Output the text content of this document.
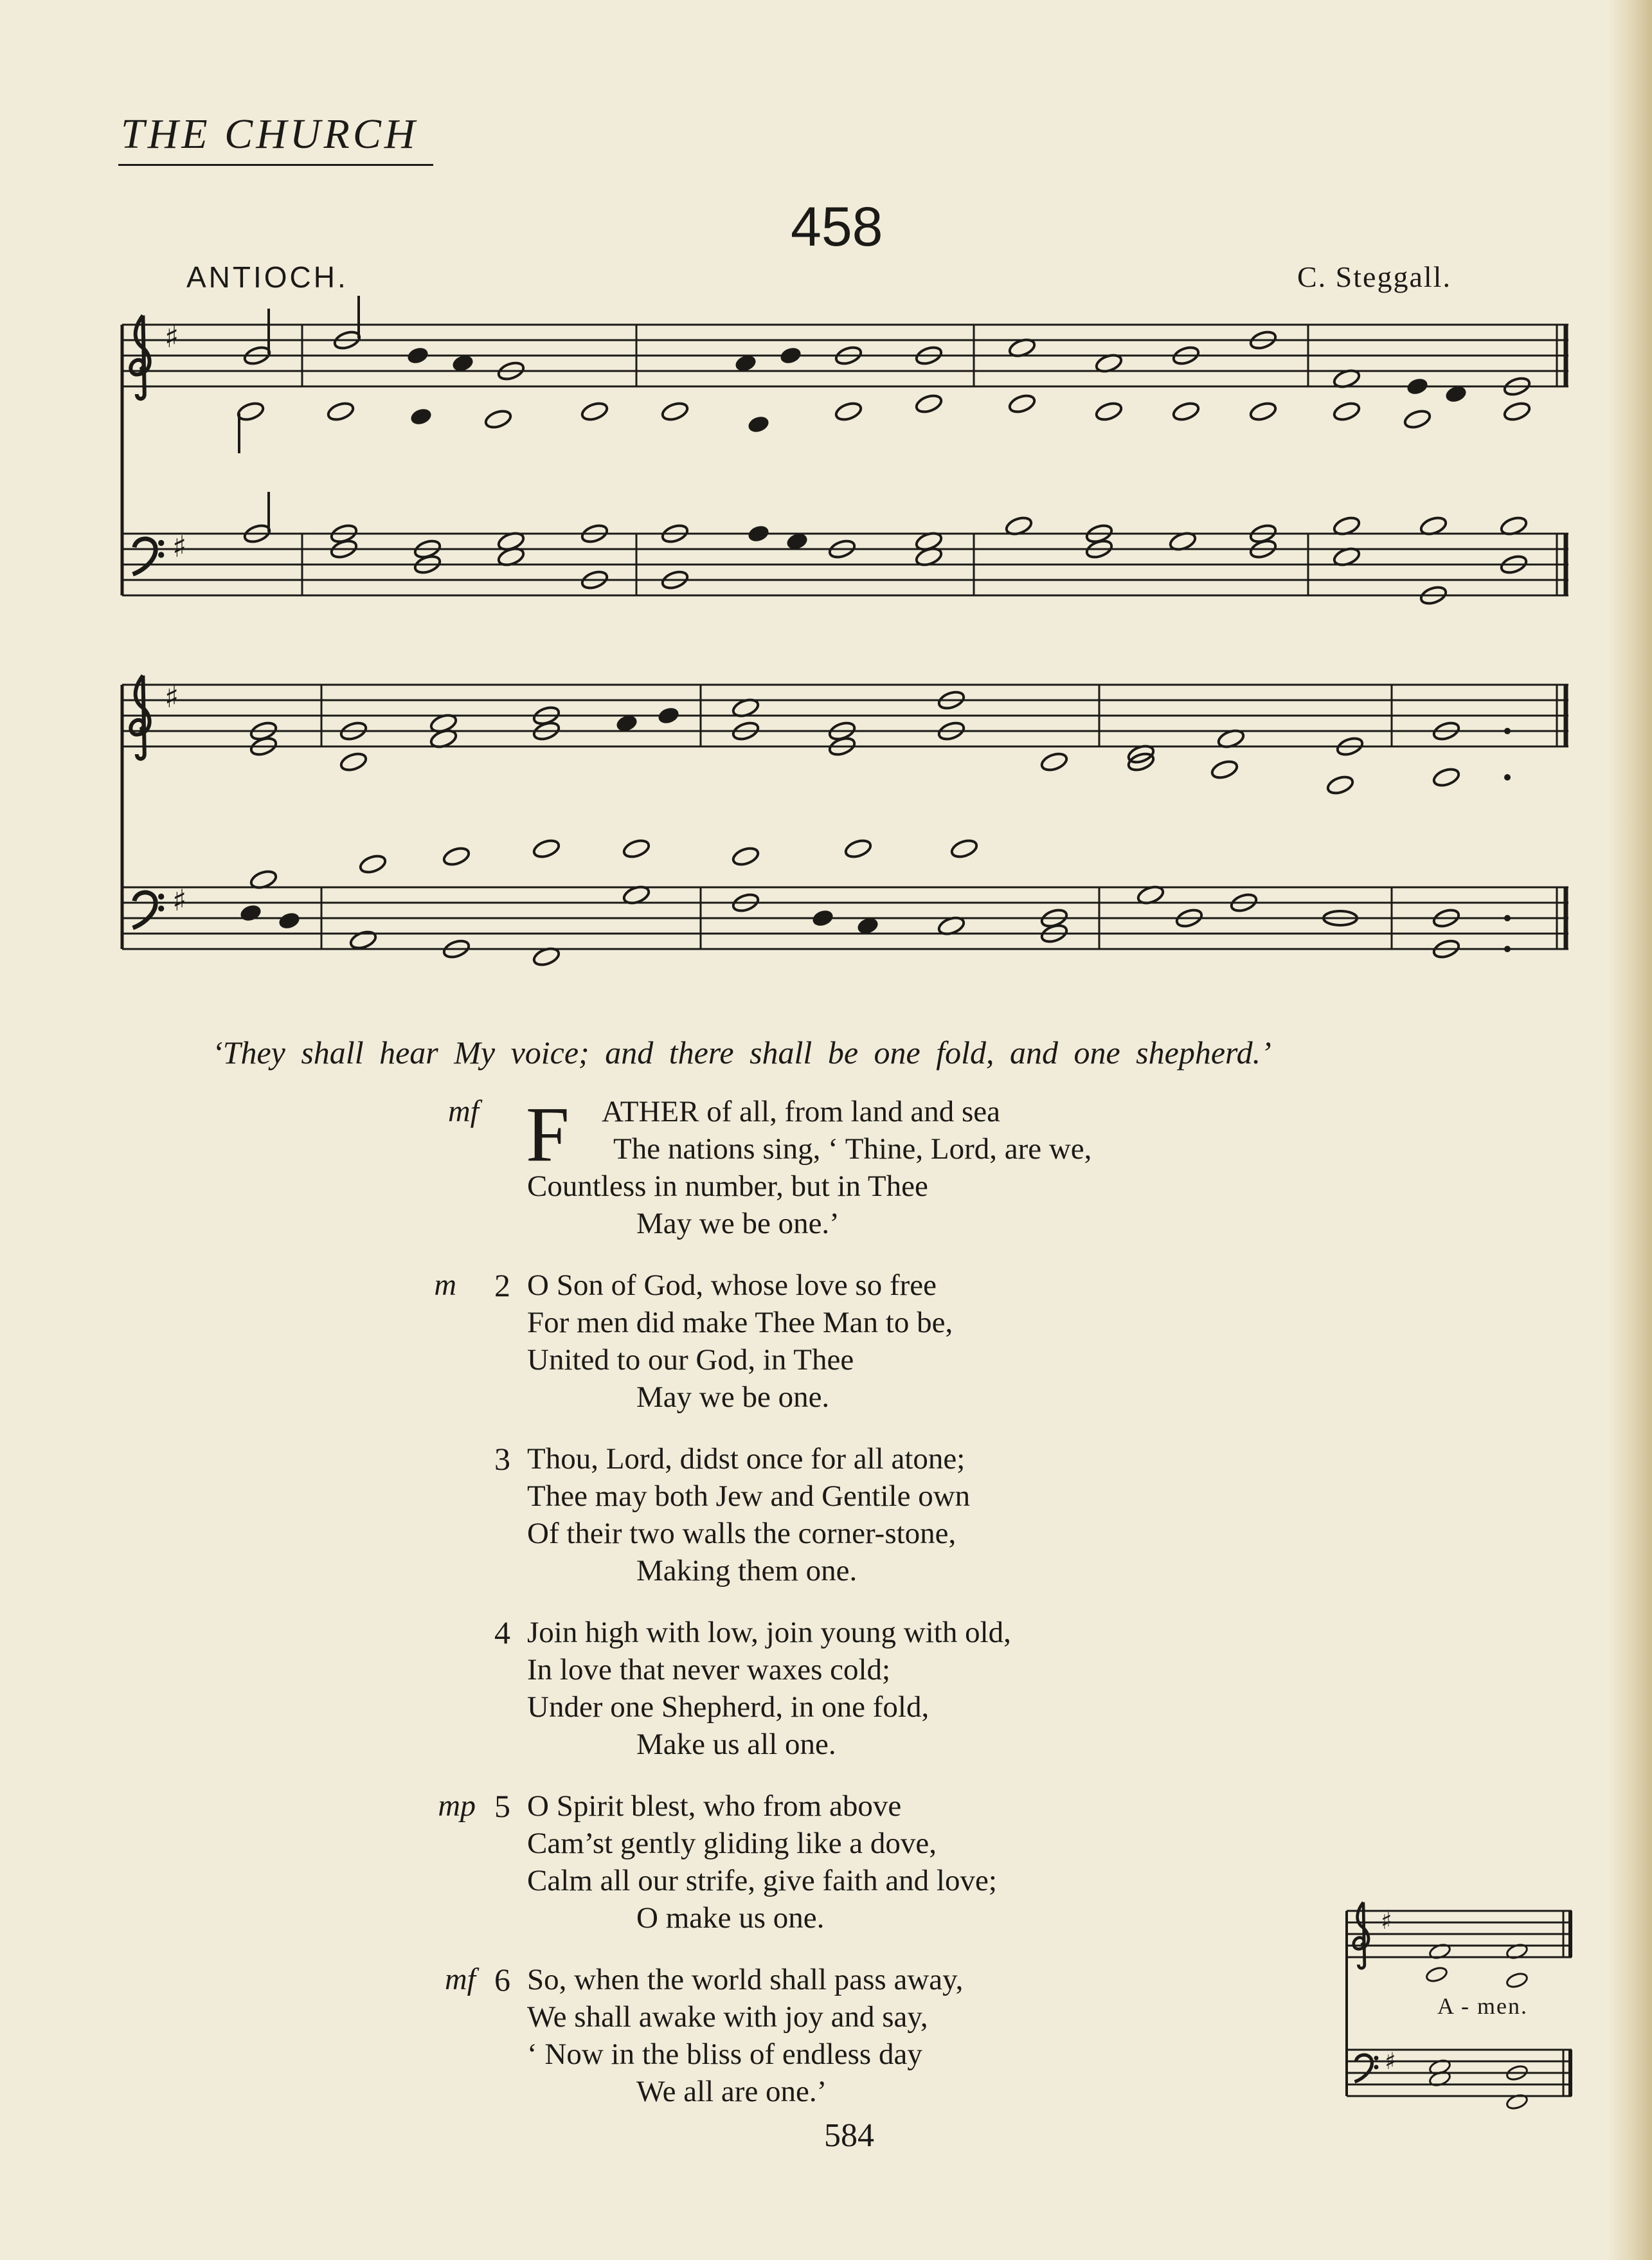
THE CHURCH
458
ANTIOCH.	C. Steggall.
♯
♯
♯
♯
♯
♯
‘They shall hear My voice; and there shall be one fold, and one shepherd.’
F
mf	ATHER of all, from land and sea
The nations sing, ‘ Thine, Lord, are we,
Countless in number, but in Thee
May we be one.’
m	2 O Son of God, whose love so free
For men did make Thee Man to be,
United to our God, in Thee
May we be one.
3 Thou, Lord, didst once for all atone;
Thee may both Jew and Gentile own
Of their two walls the corner-stone,
Making them one.
4 Join high with low, join young with old,
In love that never waxes cold;
Under one Shepherd, in one fold,
Make us all one.
mp 5 O Spirit blest, who from above
Cam’st gently gliding like a dove,
Calm all our strife, give faith and love;
O make us one.
mf 6 So, when the world shall pass away,
We shall awake with joy and say,
‘ Now in the bliss of endless day
We all are one.’
A - men.
584
